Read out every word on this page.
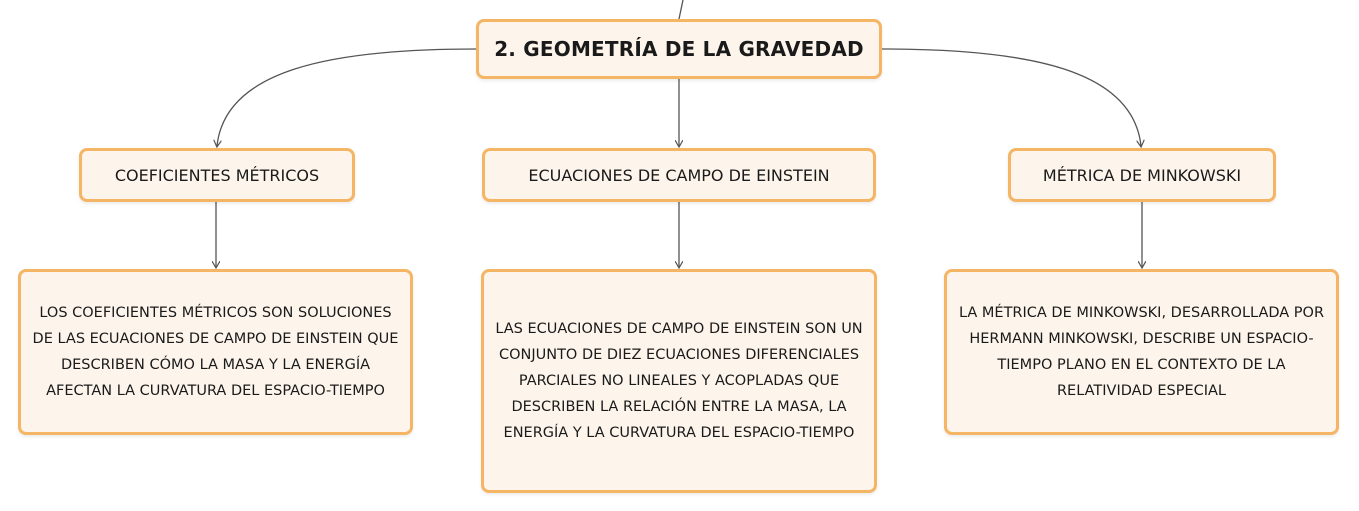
2. GEOMETRÍA DE LA GRAVEDAD
COEFICIENTES MÉTRICOS	ECUACIONES DE CAMPO DE EINSTEIN	MÉTRICA DE MINKOWSKI
LOS COEFICIENTES MÉTRICOS SON SOLUCIONES DE LAS ECUACIONES DE CAMPO DE EINSTEIN QUE DESCRIBEN CÓMO LA MASA Y LA ENERGÍA AFECTAN LA CURVATURA DEL ESPACIO-TIEMPO
LAS ECUACIONES DE CAMPO DE EINSTEIN SON UN CONJUNTO DE DIEZ ECUACIONES DIFERENCIALES PARCIALES NO LINEALES Y ACOPLADAS QUE DESCRIBEN LA RELACIÓN ENTRE LA MASA, LA ENERGÍA Y LA CURVATURA DEL ESPACIO-TIEMPO
LA MÉTRICA DE MINKOWSKI, DESARROLLADA POR HERMANN MINKOWSKI, DESCRIBE UN ESPACIO-TIEMPO PLANO EN EL CONTEXTO DE LA RELATIVIDAD ESPECIAL
